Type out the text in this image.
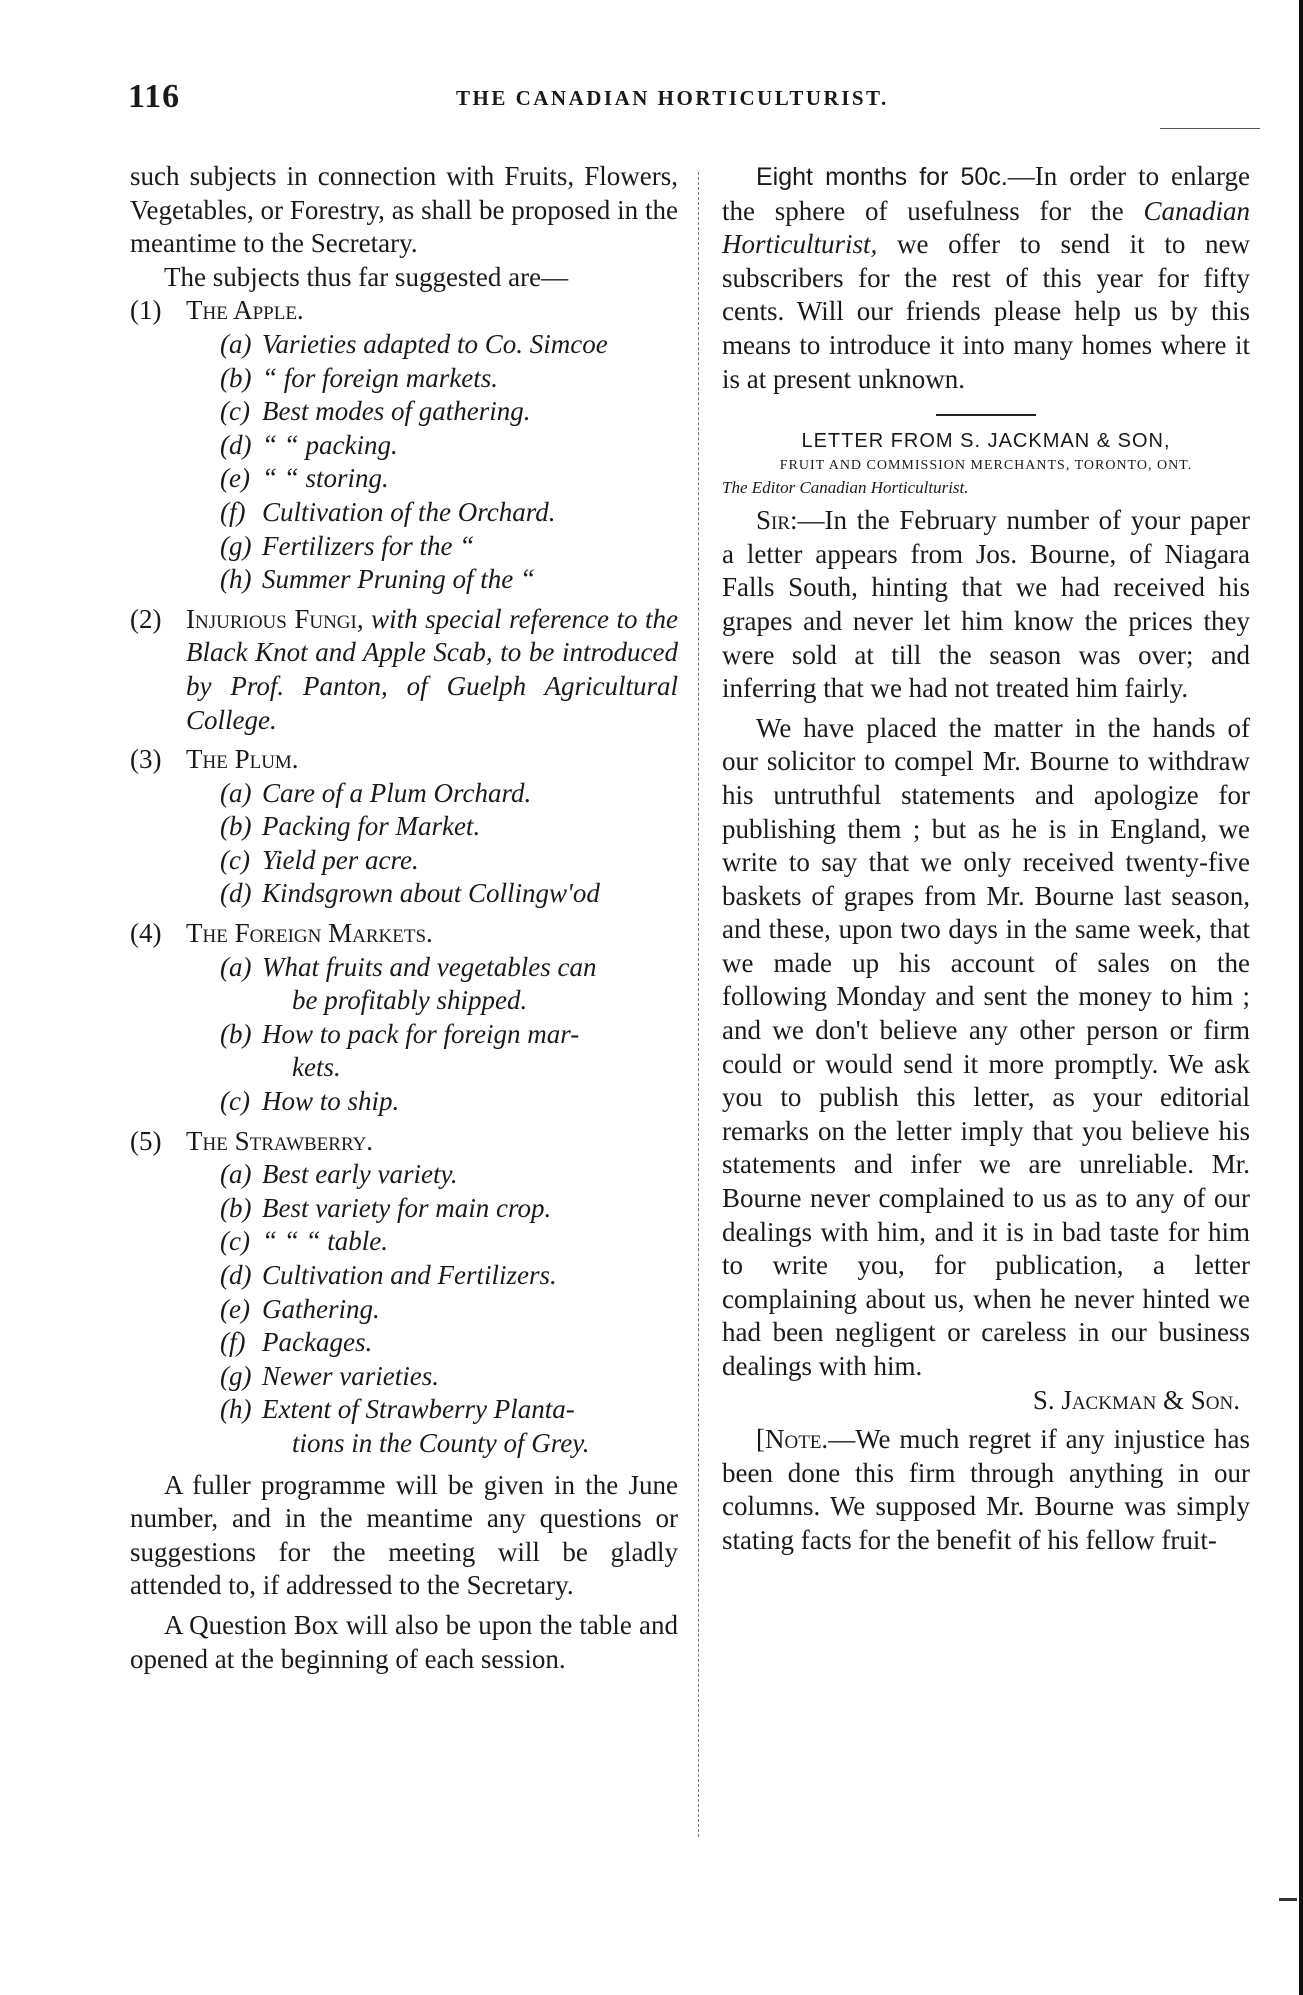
116	THE CANADIAN HORTICULTURIST.

such subjects in connection with Fruits, Flowers, Vegetables, or Forestry, as shall be proposed in the meantime to the Secretary.

The subjects thus far suggested are—

(1) The Apple.
(a) Varieties adapted to Co. Simcoe
(b) “ for foreign markets.
(c) Best modes of gathering.
(d) “ “ packing.
(e) “ “ storing.
(f) Cultivation of the Orchard.
(g) Fertilizers for the “
(h) Summer Pruning of the “
(2) Injurious Fungi, with special reference to the Black Knot and Apple Scab, to be introduced by Prof. Panton, of Guelph Agricultural College.
(3) The Plum.
(a) Care of a Plum Orchard.
(b) Packing for Market.
(c) Yield per acre.
(d) Kindsgrown about Collingw'od
(4) The Foreign Markets.
(a) What fruits and vegetables can
be profitably shipped.
(b) How to pack for foreign mar-
kets.
(c) How to ship.
(5) The Strawberry.
(a) Best early variety.
(b) Best variety for main crop.
(c) “ “ “ table.
(d) Cultivation and Fertilizers.
(e) Gathering.
(f) Packages.
(g) Newer varieties.
(h) Extent of Strawberry Planta-
tions in the County of Grey.

A fuller programme will be given in the June number, and in the meantime any questions or suggestions for the meeting will be gladly attended to, if addressed to the Secretary.

A Question Box will also be upon the table and opened at the beginning of each session.

Eight months for 50c.—In order to enlarge the sphere of usefulness for the Canadian Horticulturist, we offer to send it to new subscribers for the rest of this year for fifty cents. Will our friends please help us by this means to introduce it into many homes where it is at present unknown.

LETTER FROM S. JACKMAN & SON,
FRUIT AND COMMISSION MERCHANTS, TORONTO, ONT.
The Editor Canadian Horticulturist.

Sir:—In the February number of your paper a letter appears from Jos. Bourne, of Niagara Falls South, hinting that we had received his grapes and never let him know the prices they were sold at till the season was over; and inferring that we had not treated him fairly.

We have placed the matter in the hands of our solicitor to compel Mr. Bourne to withdraw his untruthful statements and apologize for publishing them ; but as he is in England, we write to say that we only received twenty-five baskets of grapes from Mr. Bourne last season, and these, upon two days in the same week, that we made up his account of sales on the following Monday and sent the money to him ; and we don't believe any other person or firm could or would send it more promptly. We ask you to publish this letter, as your editorial remarks on the letter imply that you believe his statements and infer we are unreliable. Mr. Bourne never complained to us as to any of our dealings with him, and it is in bad taste for him to write you, for publication, a letter complaining about us, when he never hinted we had been negligent or careless in our business dealings with him.

S. Jackman & Son.

[Note.—We much regret if any injustice has been done this firm through anything in our columns. We supposed Mr. Bourne was simply stating facts for the benefit of his fellow fruit-
